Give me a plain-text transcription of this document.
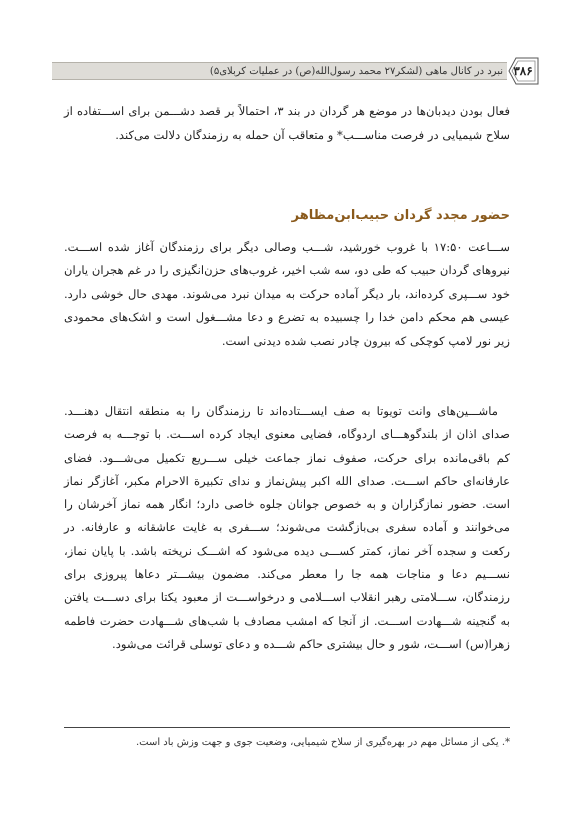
نبرد در کانال ماهی (لشکر۲۷ محمد رسول‌الله(ص) در عملیات کربلای۵) ۳۸۶

فعال بودن دیدبان‌ها در موضع هر گردان در بند ۳، احتمالاً بر قصد دشـــمن برای اســـتفاده از سلاح شیمیایی در فرصت مناســـب* و متعاقب آن حمله به رزمندگان دلالت می‌کند.

حضور مجدد گردان حبیب‌ابن‌مظاهر

ســـاعت ۱۷:۵۰ با غروب خورشید، شـــب وصالی دیگر برای رزمندگان آغاز شده اســـت. نیروهای گردان حبیب که طی دو، سه شب اخیر، غروب‌های حزن‌انگیزی را در غم هجران یاران خود ســـپری کرده‌اند، بار دیگر آماده حرکت به میدان نبرد می‌شوند. مهدی حال خوشی دارد. عیسی هم محکم دامن خدا را چسبیده به تضرع و دعا مشـــغول است و اشک‌های محمودی زیر نور لامپ کوچکی که بیرون چادر نصب شده دیدنی است.

ماشـــین‌های وانت تویوتا به صف ایســـتاده‌اند تا رزمندگان را به منطقه انتقال دهنـــد. صدای اذان از بلندگوهـــای اردوگاه، فضایی معنوی ایجاد کرده اســـت. با توجـــه به فرصت کم باقی‌مانده برای حرکت، صفوف نماز جماعت خیلی ســـریع تکمیل می‌شـــود. فضای عارفانه‌ای حاکم اســـت. صدای الله اکبر پیش‌نماز و ندای تکبیرة الاحرام مکبر، آغازگر نماز است. حضور نمازگزاران و به خصوص جوانان جلوه خاصی دارد؛ انگار همه نماز آخرشان را می‌خوانند و آماده سفری بی‌بازگشت می‌شوند؛ ســـفری به غایت عاشقانه و عارفانه. در رکعت و سجده آخر نماز، کمتر کســـی دیده می‌شود که اشـــک نریخته باشد. با پایان نماز، نســـیم دعا و مناجات همه جا را معطر می‌کند. مضمون بیشـــتر دعاها پیروزی برای رزمندگان، ســـلامتی رهبر انقلاب اســـلامی و درخواســـت از معبود یکتا برای دســـت یافتن به گنجینه شـــهادت اســـت. از آنجا که امشب مصادف با شب‌های شـــهادت حضرت فاطمه زهرا(س) اســـت، شور و حال بیشتری حاکم شـــده و دعای توسلی قرائت می‌شود.

*. یکی از مسائل مهم در بهره‌گیری از سلاح شیمیایی، وضعیت جوی و جهت وزش باد است.
